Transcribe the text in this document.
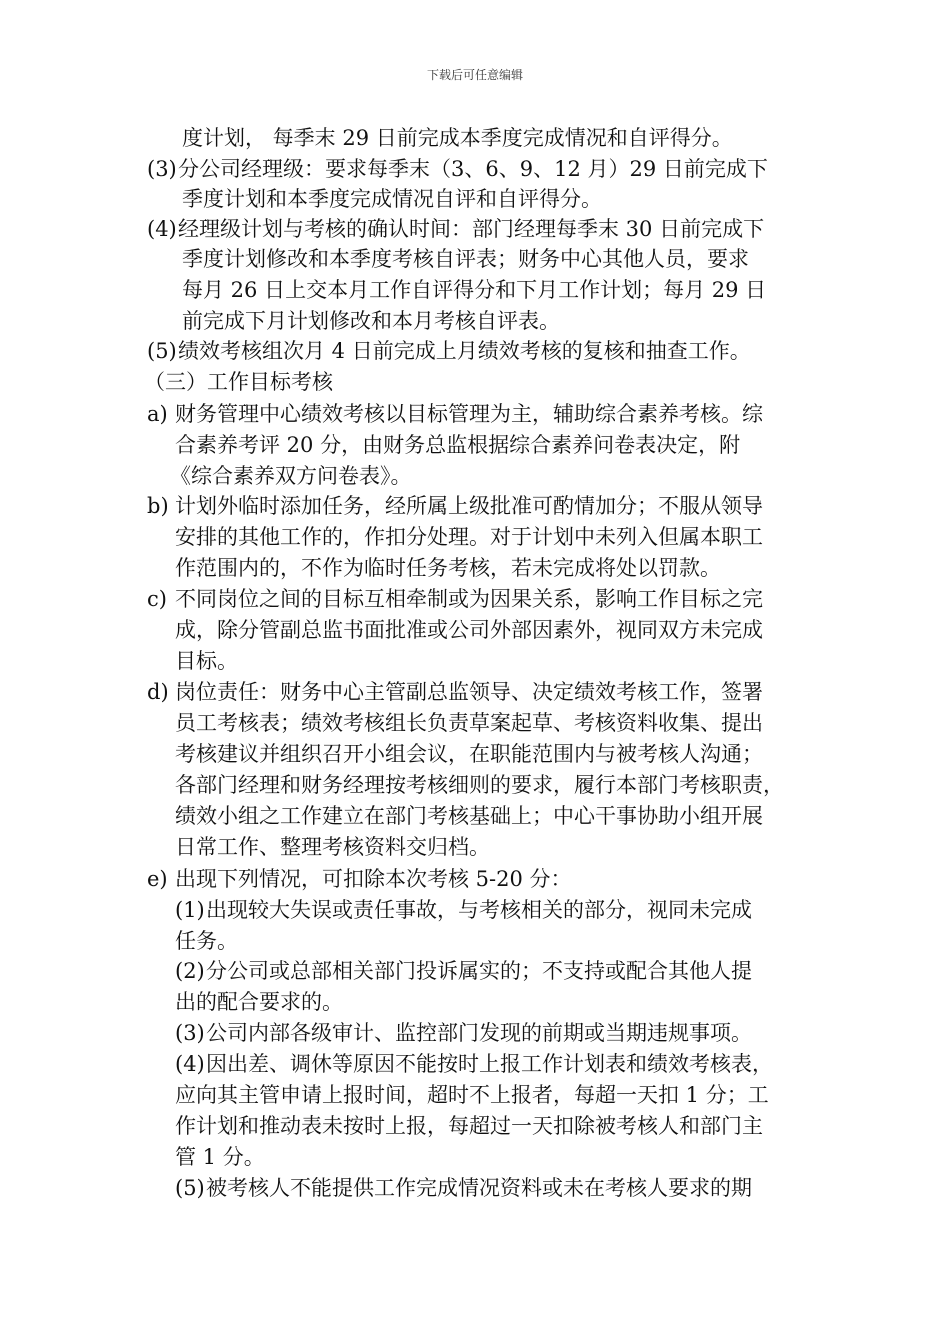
下载后可任意编辑
度计划， 每季末 29 日前完成本季度完成情况和自评得分。
(3)分公司经理级：要求每季末（3、6、9、12 月）29 日前完成下
季度计划和本季度完成情况自评和自评得分。
(4)经理级计划与考核的确认时间：部门经理每季末 30 日前完成下
季度计划修改和本季度考核自评表；财务中心其他人员，要求
每月 26 日上交本月工作自评得分和下月工作计划；每月 29 日
前完成下月计划修改和本月考核自评表。
(5)绩效考核组次月 4 日前完成上月绩效考核的复核和抽查工作。
（三）工作目标考核
a) 财务管理中心绩效考核以目标管理为主，辅助综合素养考核。综
合素养考评 20 分，由财务总监根据综合素养问卷表决定，附
《综合素养双方问卷表》。
b) 计划外临时添加任务，经所属上级批准可酌情加分；不服从领导
安排的其他工作的，作扣分处理。对于计划中未列入但属本职工
作范围内的，不作为临时任务考核，若未完成将处以罚款。
c) 不同岗位之间的目标互相牵制或为因果关系，影响工作目标之完
成，除分管副总监书面批准或公司外部因素外，视同双方未完成
目标。
d) 岗位责任：财务中心主管副总监领导、决定绩效考核工作，签署
员工考核表；绩效考核组长负责草案起草、考核资料收集、提出
考核建议并组织召开小组会议，在职能范围内与被考核人沟通；
各部门经理和财务经理按考核细则的要求，履行本部门考核职责，
绩效小组之工作建立在部门考核基础上；中心干事协助小组开展
日常工作、整理考核资料交归档。
e) 出现下列情况，可扣除本次考核 5-20 分：
(1)出现较大失误或责任事故，与考核相关的部分，视同未完成
任务。
(2)分公司或总部相关部门投诉属实的；不支持或配合其他人提
出的配合要求的。
(3)公司内部各级审计、监控部门发现的前期或当期违规事项。
(4)因出差、调休等原因不能按时上报工作计划表和绩效考核表，
应向其主管申请上报时间，超时不上报者，每超一天扣 1 分；工
作计划和推动表未按时上报，每超过一天扣除被考核人和部门主
管 1 分。
(5)被考核人不能提供工作完成情况资料或未在考核人要求的期
